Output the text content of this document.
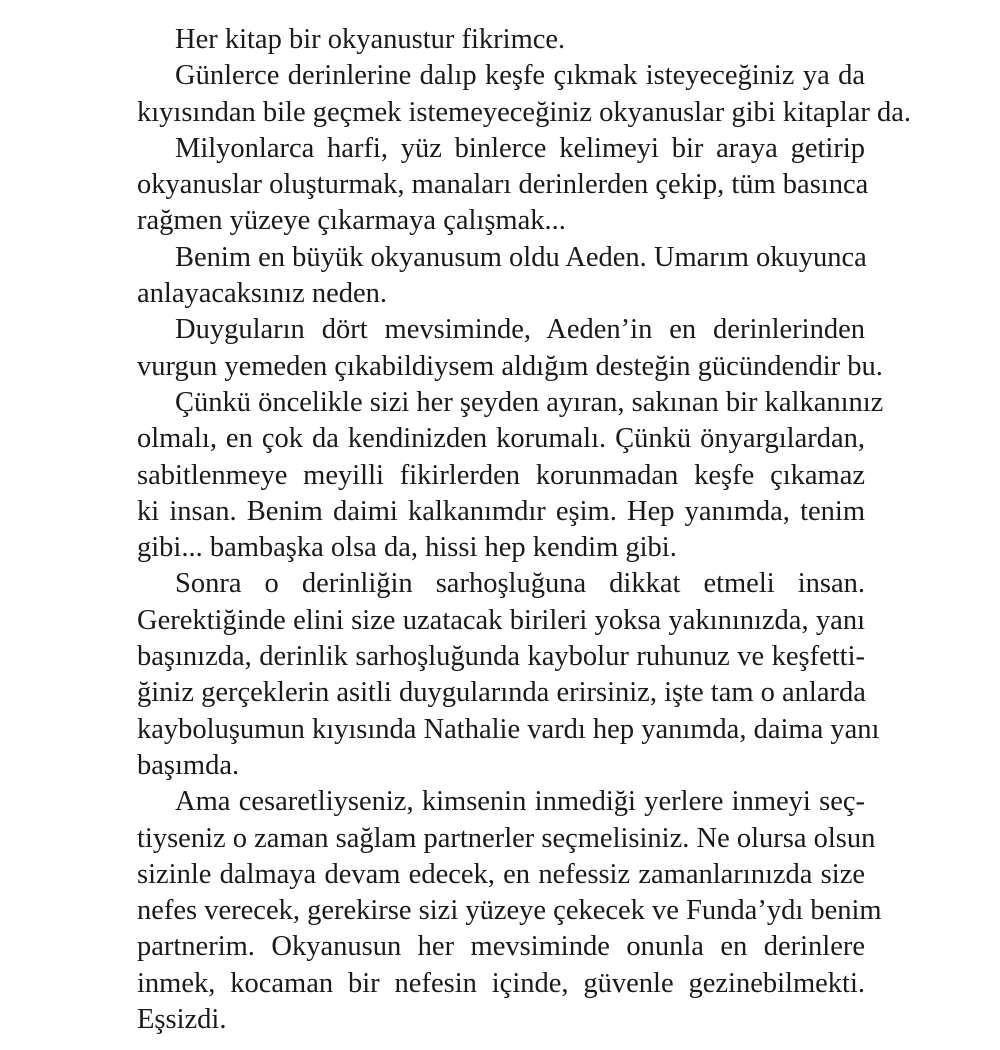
Her kitap bir okyanustur fikrimce.

Günlerce derinlerine dalıp keşfe çıkmak isteyeceğiniz ya da
kıyısından bile geçmek istemeyeceğiniz okyanuslar gibi kitaplar da.

Milyonlarca harfi, yüz binlerce kelimeyi bir araya getirip
okyanuslar oluşturmak, manaları derinlerden çekip, tüm basınca
rağmen yüzeye çıkarmaya çalışmak...

Benim en büyük okyanusum oldu Aeden. Umarım okuyunca
anlayacaksınız neden.

Duyguların dört mevsiminde, Aeden’in en derinlerinden
vurgun yemeden çıkabildiysem aldığım desteğin gücündendir bu.

Çünkü öncelikle sizi her şeyden ayıran, sakınan bir kalkanınız
olmalı, en çok da kendinizden korumalı. Çünkü önyargılardan,
sabitlenmeye meyilli fikirlerden korunmadan keşfe çıkamaz
ki insan. Benim daimi kalkanımdır eşim. Hep yanımda, tenim
gibi... bambaşka olsa da, hissi hep kendim gibi.

Sonra o derinliğin sarhoşluğuna dikkat etmeli insan.
Gerektiğinde elini size uzatacak birileri yoksa yakınınızda, yanı
başınızda, derinlik sarhoşluğunda kaybolur ruhunuz ve keşfetti-
ğiniz gerçeklerin asitli duygularında erirsiniz, işte tam o anlarda
kayboluşumun kıyısında Nathalie vardı hep yanımda, daima yanı
başımda.

Ama cesaretliyseniz, kimsenin inmediği yerlere inmeyi seç-
tiyseniz o zaman sağlam partnerler seçmelisiniz. Ne olursa olsun
sizinle dalmaya devam edecek, en nefessiz zamanlarınızda size
nefes verecek, gerekirse sizi yüzeye çekecek ve Funda’ydı benim
partnerim. Okyanusun her mevsiminde onunla en derinlere
inmek, kocaman bir nefesin içinde, güvenle gezinebilmekti.
Eşsizdi.
